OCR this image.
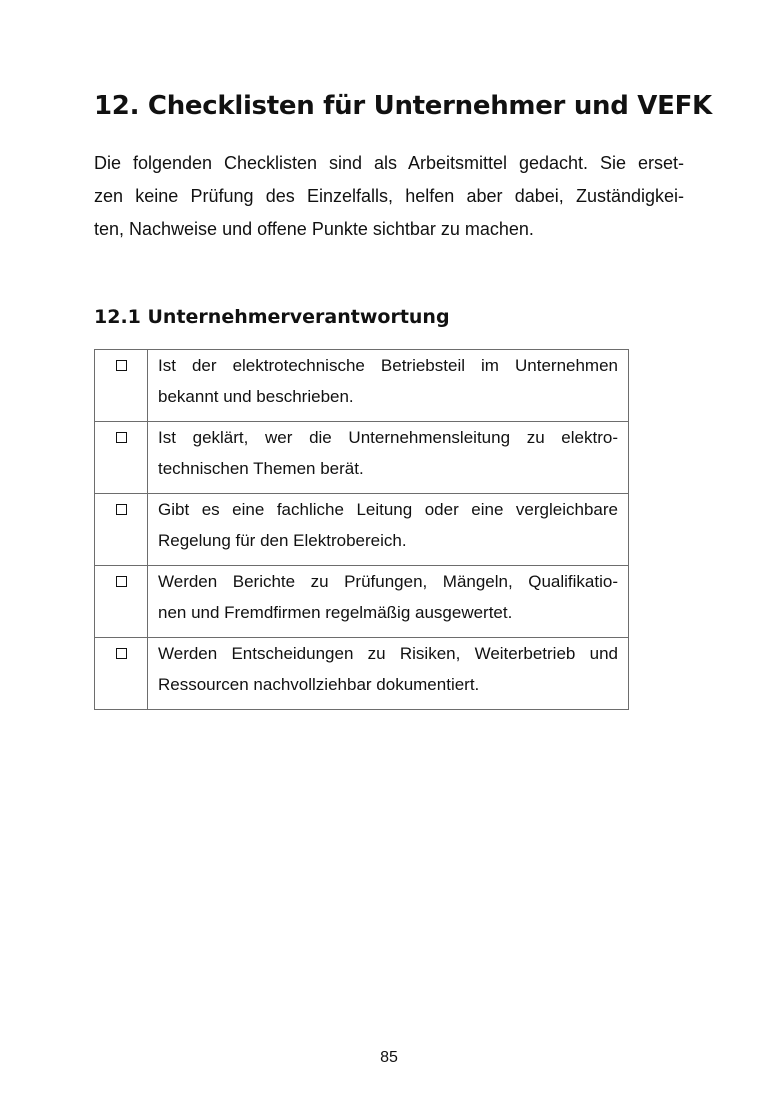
12. Checklisten für Unternehmer und VEFK

Die folgenden Checklisten sind als Arbeitsmittel gedacht. Sie erset-
zen keine Prüfung des Einzelfalls, helfen aber dabei, Zuständigkei-
ten, Nachweise und offene Punkte sichtbar zu machen.

12.1 Unternehmerverantwortung

	Ist der elektrotechnische Betriebsteil im Unternehmen
bekannt und beschrieben.

	Ist geklärt, wer die Unternehmensleitung zu elektro-
technischen Themen berät.

	Gibt es eine fachliche Leitung oder eine vergleichbare
Regelung für den Elektrobereich.

	Werden Berichte zu Prüfungen, Mängeln, Qualifikatio-
nen und Fremdfirmen regelmäßig ausgewertet.

	Werden Entscheidungen zu Risiken, Weiterbetrieb und
Ressourcen nachvollziehbar dokumentiert.
85
